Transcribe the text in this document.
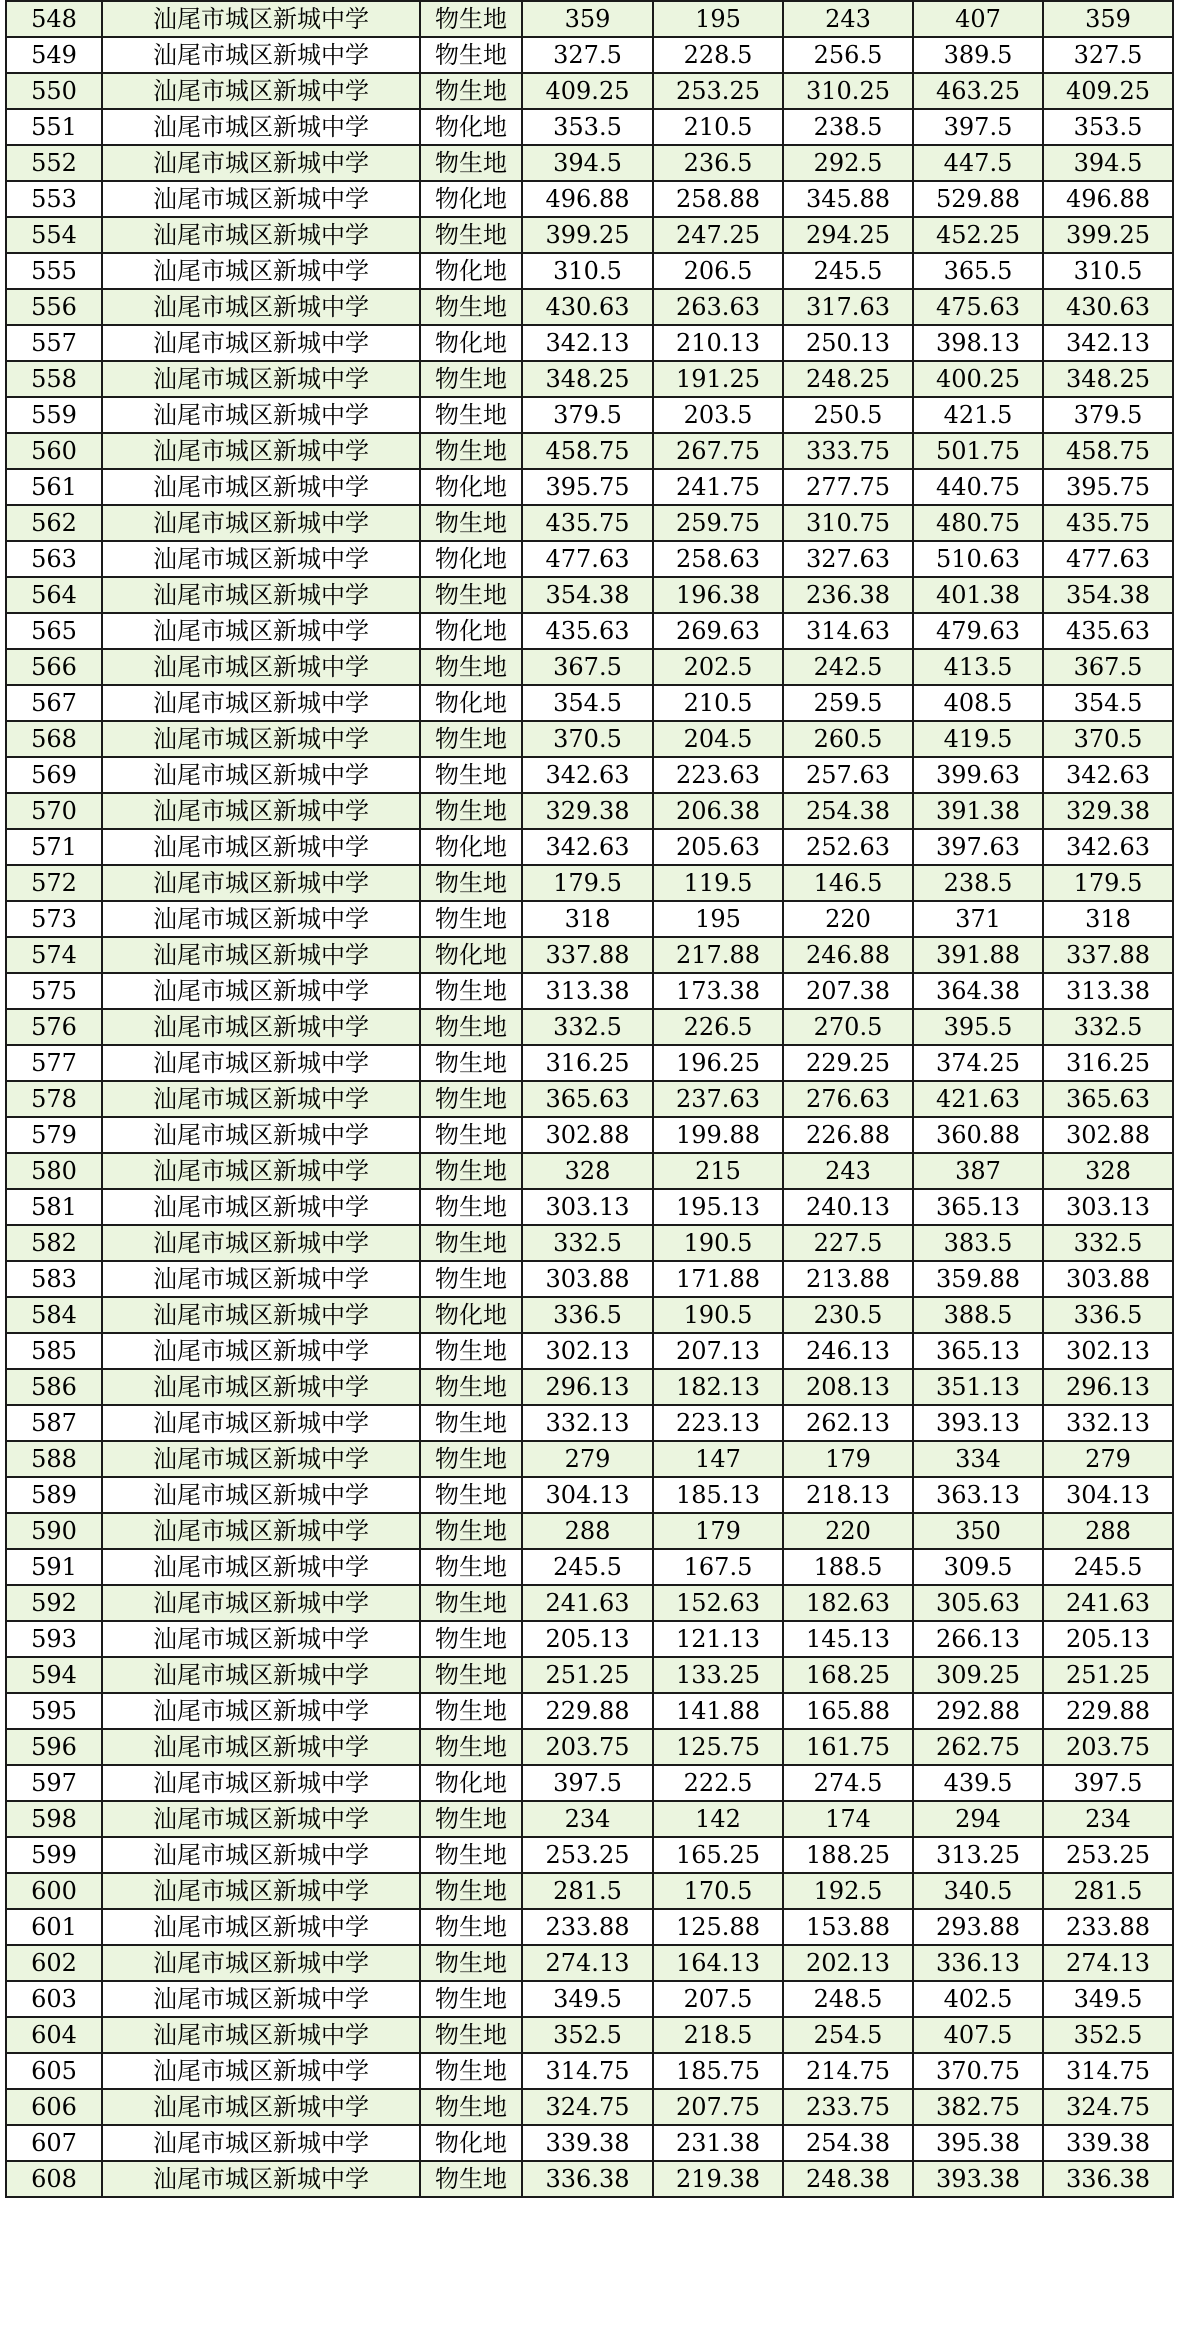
548	汕尾市城区新城中学	物生地	359	195	243	407	359
549	汕尾市城区新城中学	物生地	327.5	228.5	256.5	389.5	327.5
550	汕尾市城区新城中学	物生地	409.25	253.25	310.25	463.25	409.25
551	汕尾市城区新城中学	物化地	353.5	210.5	238.5	397.5	353.5
552	汕尾市城区新城中学	物生地	394.5	236.5	292.5	447.5	394.5
553	汕尾市城区新城中学	物化地	496.88	258.88	345.88	529.88	496.88
554	汕尾市城区新城中学	物生地	399.25	247.25	294.25	452.25	399.25
555	汕尾市城区新城中学	物化地	310.5	206.5	245.5	365.5	310.5
556	汕尾市城区新城中学	物生地	430.63	263.63	317.63	475.63	430.63
557	汕尾市城区新城中学	物化地	342.13	210.13	250.13	398.13	342.13
558	汕尾市城区新城中学	物生地	348.25	191.25	248.25	400.25	348.25
559	汕尾市城区新城中学	物生地	379.5	203.5	250.5	421.5	379.5
560	汕尾市城区新城中学	物生地	458.75	267.75	333.75	501.75	458.75
561	汕尾市城区新城中学	物化地	395.75	241.75	277.75	440.75	395.75
562	汕尾市城区新城中学	物生地	435.75	259.75	310.75	480.75	435.75
563	汕尾市城区新城中学	物化地	477.63	258.63	327.63	510.63	477.63
564	汕尾市城区新城中学	物生地	354.38	196.38	236.38	401.38	354.38
565	汕尾市城区新城中学	物化地	435.63	269.63	314.63	479.63	435.63
566	汕尾市城区新城中学	物生地	367.5	202.5	242.5	413.5	367.5
567	汕尾市城区新城中学	物化地	354.5	210.5	259.5	408.5	354.5
568	汕尾市城区新城中学	物生地	370.5	204.5	260.5	419.5	370.5
569	汕尾市城区新城中学	物生地	342.63	223.63	257.63	399.63	342.63
570	汕尾市城区新城中学	物生地	329.38	206.38	254.38	391.38	329.38
571	汕尾市城区新城中学	物化地	342.63	205.63	252.63	397.63	342.63
572	汕尾市城区新城中学	物生地	179.5	119.5	146.5	238.5	179.5
573	汕尾市城区新城中学	物生地	318	195	220	371	318
574	汕尾市城区新城中学	物化地	337.88	217.88	246.88	391.88	337.88
575	汕尾市城区新城中学	物生地	313.38	173.38	207.38	364.38	313.38
576	汕尾市城区新城中学	物生地	332.5	226.5	270.5	395.5	332.5
577	汕尾市城区新城中学	物生地	316.25	196.25	229.25	374.25	316.25
578	汕尾市城区新城中学	物生地	365.63	237.63	276.63	421.63	365.63
579	汕尾市城区新城中学	物生地	302.88	199.88	226.88	360.88	302.88
580	汕尾市城区新城中学	物生地	328	215	243	387	328
581	汕尾市城区新城中学	物生地	303.13	195.13	240.13	365.13	303.13
582	汕尾市城区新城中学	物生地	332.5	190.5	227.5	383.5	332.5
583	汕尾市城区新城中学	物生地	303.88	171.88	213.88	359.88	303.88
584	汕尾市城区新城中学	物化地	336.5	190.5	230.5	388.5	336.5
585	汕尾市城区新城中学	物生地	302.13	207.13	246.13	365.13	302.13
586	汕尾市城区新城中学	物生地	296.13	182.13	208.13	351.13	296.13
587	汕尾市城区新城中学	物生地	332.13	223.13	262.13	393.13	332.13
588	汕尾市城区新城中学	物生地	279	147	179	334	279
589	汕尾市城区新城中学	物生地	304.13	185.13	218.13	363.13	304.13
590	汕尾市城区新城中学	物生地	288	179	220	350	288
591	汕尾市城区新城中学	物生地	245.5	167.5	188.5	309.5	245.5
592	汕尾市城区新城中学	物生地	241.63	152.63	182.63	305.63	241.63
593	汕尾市城区新城中学	物生地	205.13	121.13	145.13	266.13	205.13
594	汕尾市城区新城中学	物生地	251.25	133.25	168.25	309.25	251.25
595	汕尾市城区新城中学	物生地	229.88	141.88	165.88	292.88	229.88
596	汕尾市城区新城中学	物生地	203.75	125.75	161.75	262.75	203.75
597	汕尾市城区新城中学	物化地	397.5	222.5	274.5	439.5	397.5
598	汕尾市城区新城中学	物生地	234	142	174	294	234
599	汕尾市城区新城中学	物生地	253.25	165.25	188.25	313.25	253.25
600	汕尾市城区新城中学	物生地	281.5	170.5	192.5	340.5	281.5
601	汕尾市城区新城中学	物生地	233.88	125.88	153.88	293.88	233.88
602	汕尾市城区新城中学	物生地	274.13	164.13	202.13	336.13	274.13
603	汕尾市城区新城中学	物生地	349.5	207.5	248.5	402.5	349.5
604	汕尾市城区新城中学	物生地	352.5	218.5	254.5	407.5	352.5
605	汕尾市城区新城中学	物生地	314.75	185.75	214.75	370.75	314.75
606	汕尾市城区新城中学	物生地	324.75	207.75	233.75	382.75	324.75
607	汕尾市城区新城中学	物化地	339.38	231.38	254.38	395.38	339.38
608	汕尾市城区新城中学	物生地	336.38	219.38	248.38	393.38	336.38
